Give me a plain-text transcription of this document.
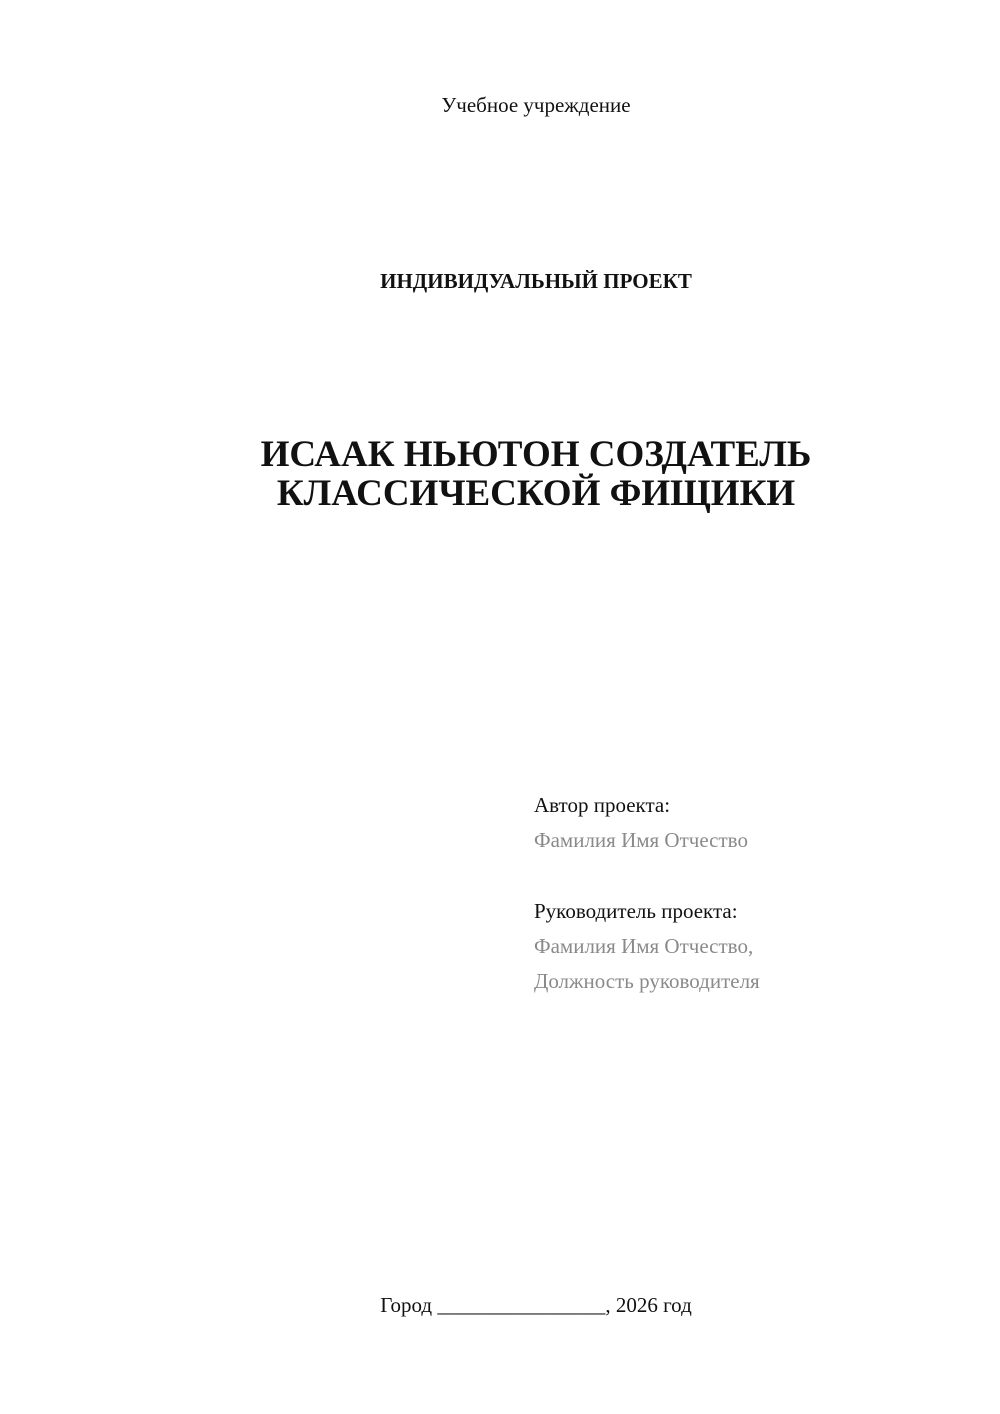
Учебное учреждение
ИНДИВИДУАЛЬНЫЙ ПРОЕКТ
ИСААК НЬЮТОН СОЗДАТЕЛЬ
КЛАССИЧЕСКОЙ ФИЩИКИ
Автор проекта:
Фамилия Имя Отчество
Руководитель проекта:
Фамилия Имя Отчество,
Должность руководителя
Город ________________, 2026 год
